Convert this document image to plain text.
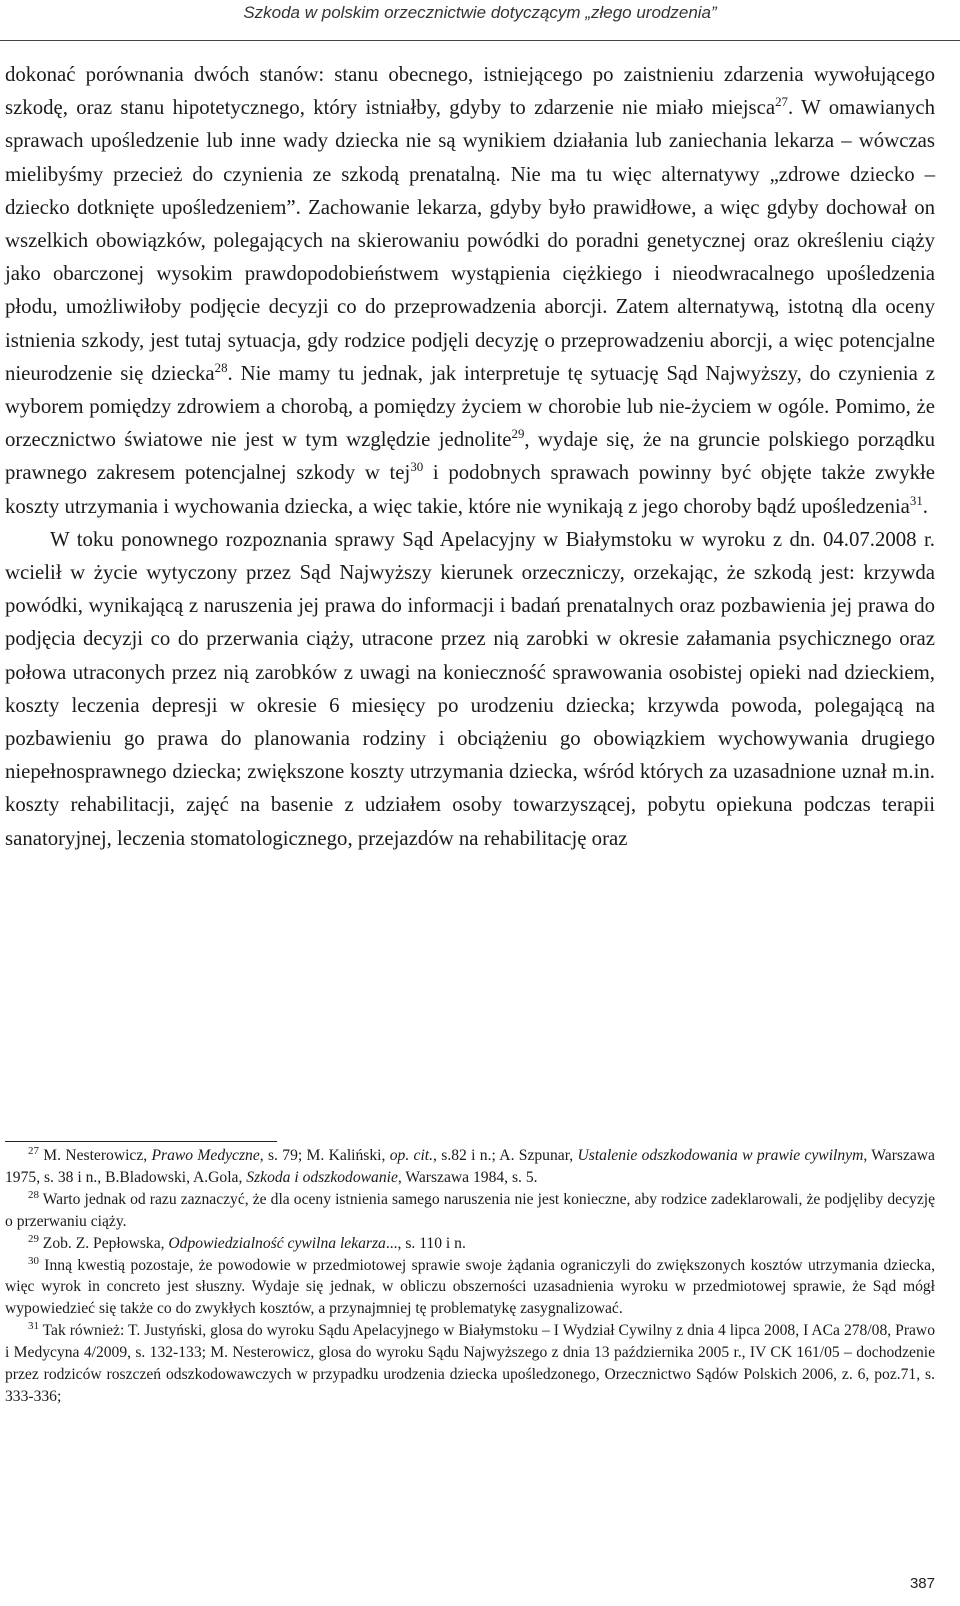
Szkoda w polskim orzecznictwie dotyczącym „złego urodzenia”

dokonać porównania dwóch stanów: stanu obecnego, istniejącego po zaistnieniu zdarzenia wywołującego szkodę, oraz stanu hipotetycznego, który istniałby, gdyby to zdarzenie nie miało miejsca$^{27}$. W omawianych sprawach upośledzenie lub inne wady dziecka nie są wynikiem działania lub zaniechania lekarza – wówczas mielibyśmy przecież do czynienia ze szkodą prenatalną. Nie ma tu więc alternatywy „zdrowe dziecko – dziecko dotknięte upośledzeniem”. Zachowanie lekarza, gdyby było prawidłowe, a więc gdyby dochował on wszelkich obowiązków, polegających na skierowaniu powódki do poradni genetycznej oraz określeniu ciąży jako obarczonej wysokim prawdopodobieństwem wystąpienia ciężkiego i nieodwracalnego upośledzenia płodu, umożliwiłoby podjęcie decyzji co do przeprowadzenia aborcji. Zatem alternatywą, istotną dla oceny istnienia szkody, jest tutaj sytuacja, gdy rodzice podjęli decyzję o przeprowadzeniu aborcji, a więc potencjalne nieurodzenie się dziecka$^{28}$. Nie mamy tu jednak, jak interpretuje tę sytuację Sąd Najwyższy, do czynienia z wyborem pomiędzy zdrowiem a chorobą, a pomiędzy życiem w chorobie lub nie-życiem w ogóle. Pomimo, że orzecznictwo światowe nie jest w tym względzie jednolite$^{29}$, wydaje się, że na gruncie polskiego porządku prawnego zakresem potencjalnej szkody w tej$^{30}$ i podobnych sprawach powinny być objęte także zwykłe koszty utrzymania i wychowania dziecka, a więc takie, które nie wynikają z jego choroby bądź upośledzenia$^{31}$.

W toku ponownego rozpoznania sprawy Sąd Apelacyjny w Białymstoku w wyroku z dn. 04.07.2008 r. wcielił w życie wytyczony przez Sąd Najwyższy kierunek orzeczniczy, orzekając, że szkodą jest: krzywda powódki, wynikającą z naruszenia jej prawa do informacji i badań prenatalnych oraz pozbawienia jej prawa do podjęcia decyzji co do przerwania ciąży, utracone przez nią zarobki w okresie załamania psychicznego oraz połowa utraconych przez nią zarobków z uwagi na konieczność sprawowania osobistej opieki nad dzieckiem, koszty leczenia depresji w okresie 6 miesięcy po urodzeniu dziecka; krzywda powoda, polegającą na pozbawieniu go prawa do planowania rodziny i obciążeniu go obowiązkiem wychowywania drugiego niepełnosprawnego dziecka; zwiększone koszty utrzymania dziecka, wśród których za uzasadnione uznał m.in. koszty rehabilitacji, zajęć na basenie z udziałem osoby towarzyszącej, pobytu opiekuna podczas terapii sanatoryjnej, leczenia stomatologicznego, przejazdów na rehabilitację oraz

$^{27}$ M. Nesterowicz, Prawo Medyczne, s. 79; M. Kaliński, op. cit., s.82 i n.; A. Szpunar, Ustalenie odszkodowania w prawie cywilnym, Warszawa 1975, s. 38 i n., B.Bladowski, A.Gola, Szkoda i odszkodowanie, Warszawa 1984, s. 5.

$^{28}$ Warto jednak od razu zaznaczyć, że dla oceny istnienia samego naruszenia nie jest konieczne, aby rodzice zadeklarowali, że podjęliby decyzję o przerwaniu ciąży.

$^{29}$ Zob. Z. Pepłowska, Odpowiedzialność cywilna lekarza..., s. 110 i n.

$^{30}$ Inną kwestią pozostaje, że powodowie w przedmiotowej sprawie swoje żądania ograniczyli do zwiększonych kosztów utrzymania dziecka, więc wyrok in concreto jest słuszny. Wydaje się jednak, w obliczu obszerności uzasadnienia wyroku w przedmiotowej sprawie, że Sąd mógł wypowiedzieć się także co do zwykłych kosztów, a przynajmniej tę problematykę zasygnalizować.

$^{31}$ Tak również: T. Justyński, glosa do wyroku Sądu Apelacyjnego w Białymstoku – I Wydział Cywilny z dnia 4 lipca 2008, I ACa 278/08, Prawo i Medycyna 4/2009, s. 132-133; M. Nesterowicz, glosa do wyroku Sądu Najwyższego z dnia 13 października 2005 r., IV CK 161/05 – dochodzenie przez rodziców roszczeń odszkodowawczych w przypadku urodzenia dziecka upośledzonego, Orzecznictwo Sądów Polskich 2006, z. 6, poz.71, s. 333-336;

387
